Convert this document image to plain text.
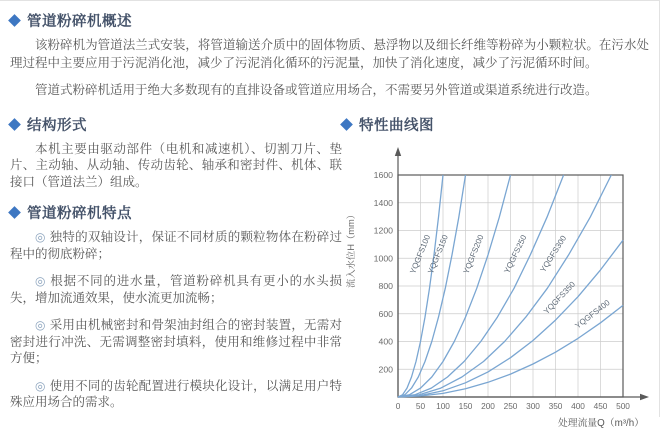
管道粉碎机概述

该粉碎机为管道法兰式安装，将管道输送介质中的固体物质、悬浮物以及细长纤维等粉碎为小颗粒状。在污水处理过程中主要应用于污泥消化池，减少了污泥消化循环的污泥量，加快了消化速度，减少了污泥循环时间。

管道式粉碎机适用于绝大多数现有的直排设备或管道应用场合，不需要另外管道或渠道系统进行改造。

结构形式

本机主要由驱动部件（电机和减速机）、切割刀片、垫片、主动轴、从动轴、传动齿轮、轴承和密封件、机体、联接口（管道法兰）组成。

管道粉碎机特点

◎ 独特的双轴设计，保证不同材质的颗粒物体在粉碎过程中的彻底粉碎；

◎ 根据不同的进水量，管道粉碎机具有更小的水头损失，增加流通效果，使水流更加流畅；

◎ 采用由机械密封和骨架油封组合的密封装置，无需对密封进行冲洗、无需调整密封填料，使用和维修过程中非常方便；

◎ 使用不同的齿轮配置进行模块化设计，以满足用户特殊应用场合的需求。

特性曲线图
0 50 100 150 200 250 300 350 400 450 500
200
400
600
800
1000
1200
1400
1600
处理流量Q（m³/h）
流入水位H（mm）	YQGFS100
YQGFS150 YQGFS200 YQGFS250 YQGFS300
YQGFS350
YQGFS400
